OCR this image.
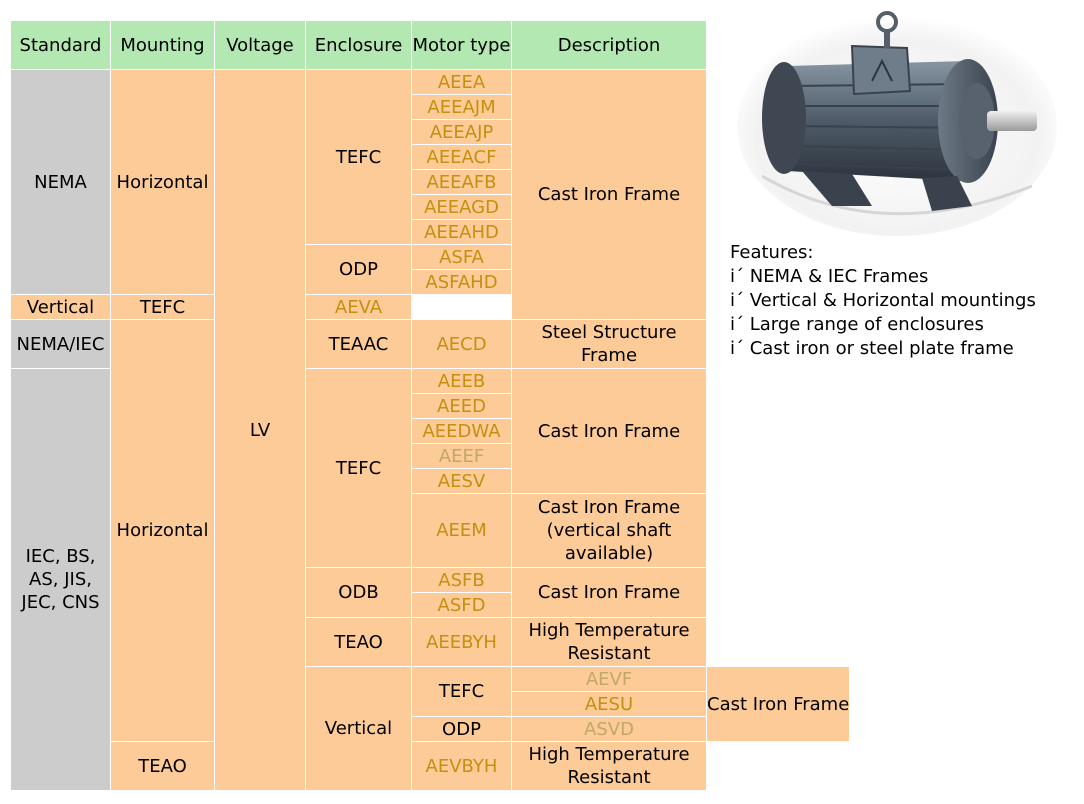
Standard	Mounting	Voltage	Enclosure	Motor type	Description	
NEMA	Horizontal	LV	TEFC	AEEA	Cast Iron Frame	
				AEEAJM		
				AEEAJP		
				AEEACF		
				AEEAFB		
				AEEAGD		
				AEEAHD		
			ODP	ASFA		
				ASFAHD		
Vertical	TEFC		AEVA			
NEMA/IEC	Horizontal		TEAAC	AECD	Steel Structure Frame	
IEC, BS, AS, JIS, JEC, CNS			TEFC	AEEB	Cast Iron Frame	
				AEED		
				AEEDWA		
				AEEF		
				AESV		
				AEEM	Cast Iron Frame (vertical shaft available)	
			ODB	ASFB	Cast Iron Frame	
				ASFD		
			TEAO	AEEBYH	High Temperature Resistant	
			Vertical	TEFC	AEVF	Cast Iron Frame
					AESU	
				ODP	ASVD	
	TEAO			AEVBYH	High Temperature Resistant	
Features:
i´ NEMA & IEC Frames
i´ Vertical & Horizontal mountings
i´ Large range of enclosures
i´ Cast iron or steel plate frame
